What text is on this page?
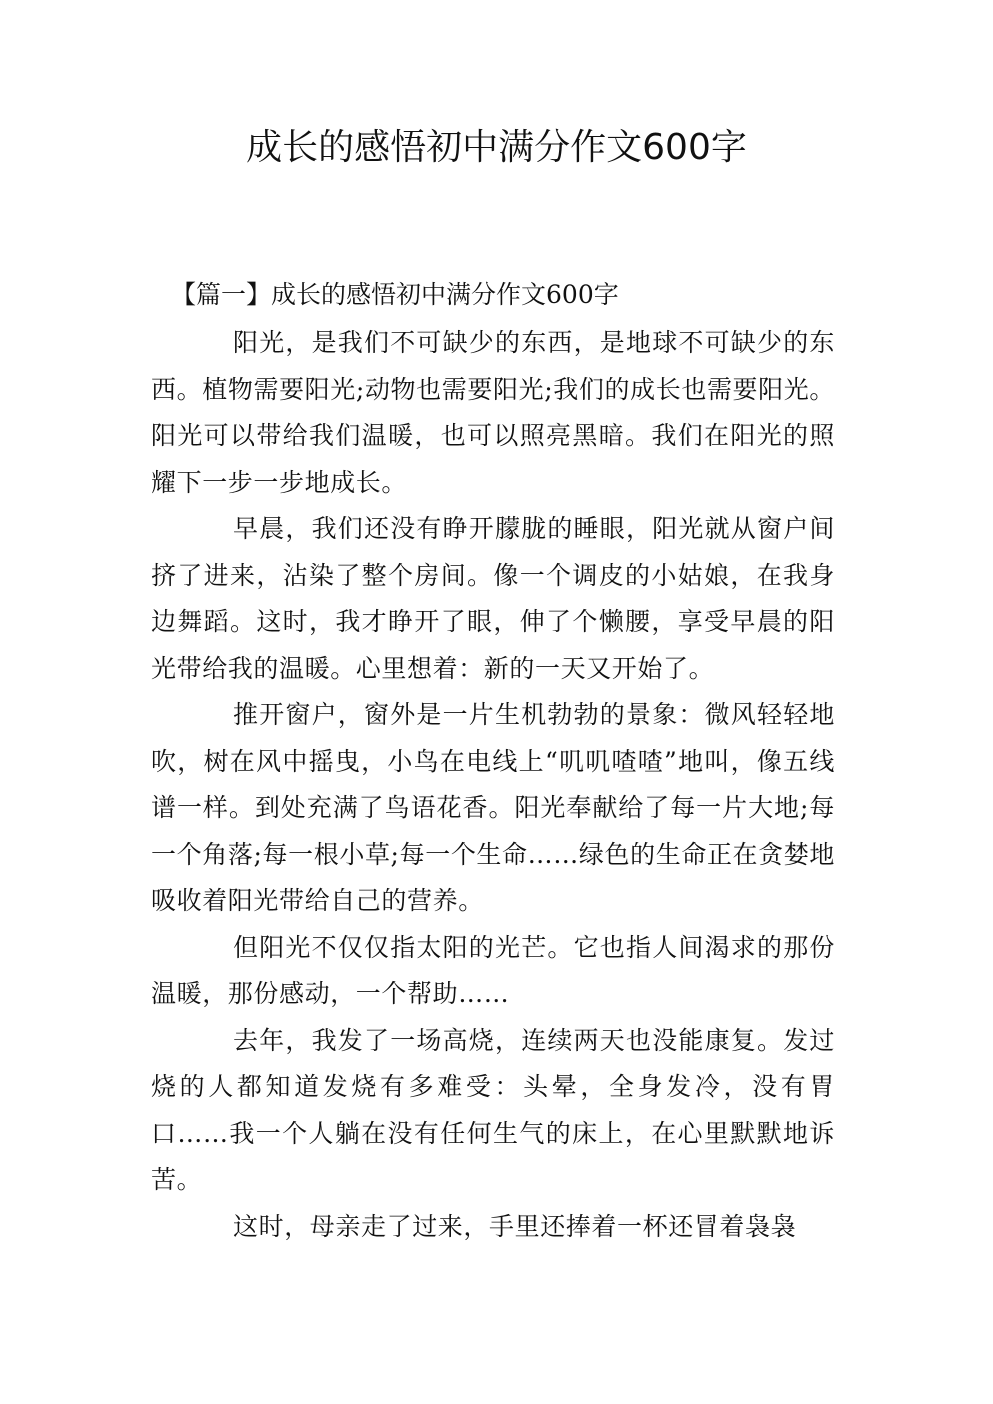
成长的感悟初中满分作文600字
【篇一】成长的感悟初中满分作文600字

阳光，是我们不可缺少的东西，是地球不可缺少的东西。植物需要阳光;动物也需要阳光;我们的成长也需要阳光。阳光可以带给我们温暖，也可以照亮黑暗。我们在阳光的照耀下一步一步地成长。

早晨，我们还没有睁开朦胧的睡眼，阳光就从窗户间挤了进来，沾染了整个房间。像一个调皮的小姑娘，在我身边舞蹈。这时，我才睁开了眼，伸了个懒腰，享受早晨的阳光带给我的温暖。心里想着：新的一天又开始了。

推开窗户，窗外是一片生机勃勃的景象：微风轻轻地吹，树在风中摇曳，小鸟在电线上“叽叽喳喳”地叫，像五线谱一样。到处充满了鸟语花香。阳光奉献给了每一片大地;每一个角落;每一根小草;每一个生命……绿色的生命正在贪婪地吸收着阳光带给自己的营养。

但阳光不仅仅指太阳的光芒。它也指人间渴求的那份温暖，那份感动，一个帮助……

去年，我发了一场高烧，连续两天也没能康复。发过烧的人都知道发烧有多难受：头晕，全身发冷，没有胃口……我一个人躺在没有任何生气的床上，在心里默默地诉苦。

这时，母亲走了过来，手里还捧着一杯还冒着袅袅
